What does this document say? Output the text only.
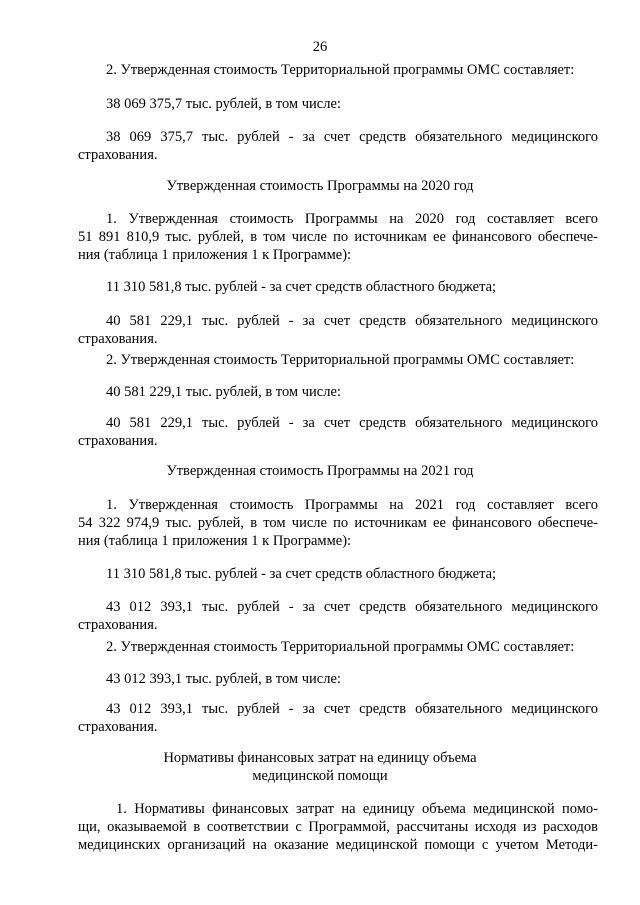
26
2. Утвержденная стоимость Территориальной программы ОМС составляет:
38 069 375,7 тыс. рублей, в том числе:
38 069 375,7 тыс. рублей - за счет средств обязательного медицинского
страхования.
Утвержденная стоимость Программы на 2020 год
1. Утвержденная стоимость Программы на 2020 год составляет всего
51 891 810,9 тыс. рублей, в том числе по источникам ее финансового обеспече-
ния (таблица 1 приложения 1 к Программе):
11 310 581,8 тыс. рублей - за счет средств областного бюджета;
40 581 229,1 тыс. рублей - за счет средств обязательного медицинского
страхования.
2. Утвержденная стоимость Территориальной программы ОМС составляет:
40 581 229,1 тыс. рублей, в том числе:
40 581 229,1 тыс. рублей - за счет средств обязательного медицинского
страхования.
Утвержденная стоимость Программы на 2021 год
1. Утвержденная стоимость Программы на 2021 год составляет всего
54 322 974,9 тыс. рублей, в том числе по источникам ее финансового обеспече-
ния (таблица 1 приложения 1 к Программе):
11 310 581,8 тыс. рублей - за счет средств областного бюджета;
43 012 393,1 тыс. рублей - за счет средств обязательного медицинского
страхования.
2. Утвержденная стоимость Территориальной программы ОМС составляет:
43 012 393,1 тыс. рублей, в том числе:
43 012 393,1 тыс. рублей - за счет средств обязательного медицинского
страхования.
Нормативы финансовых затрат на единицу объема
медицинской помощи
1. Нормативы финансовых затрат на единицу объема медицинской помо-
щи, оказываемой в соответствии с Программой, рассчитаны исходя из расходов
медицинских организаций на оказание медицинской помощи с учетом Методи-
